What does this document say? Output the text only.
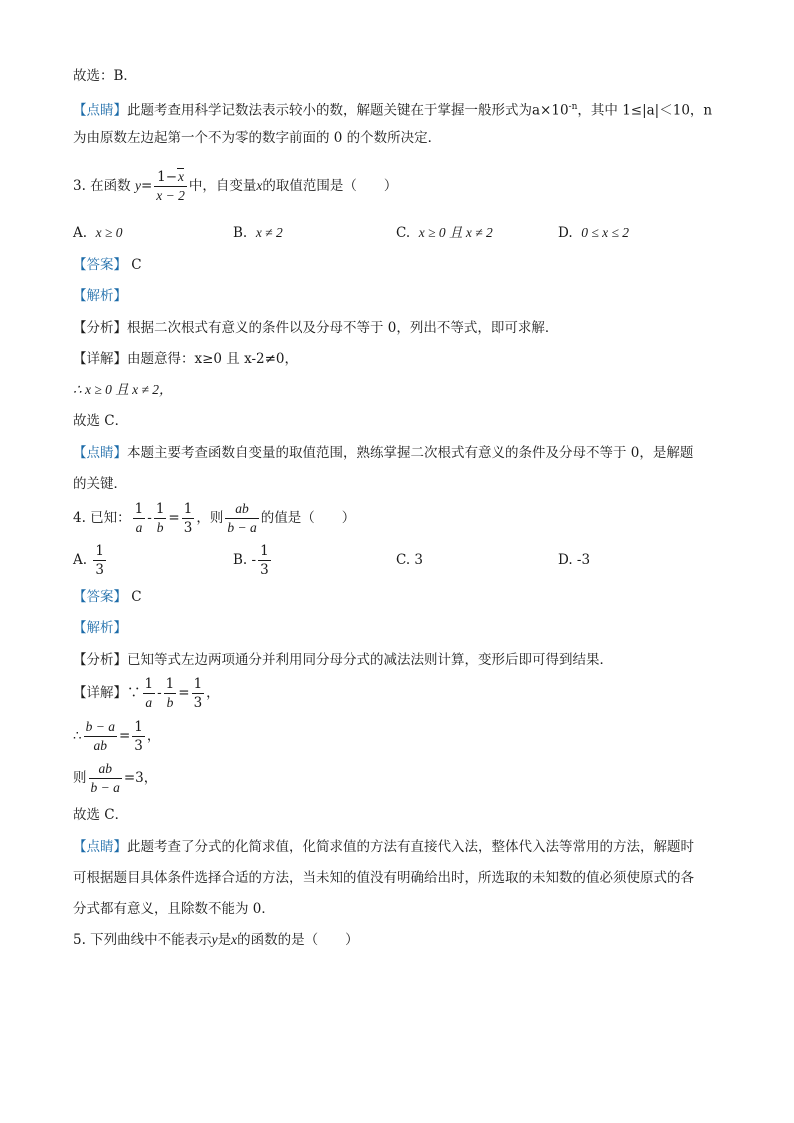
故选：B．
【点睛】此题考查用科学记数法表示较小的数，解题关键在于掌握一般形式为$a\times 10^{-n}$，其中 1≤|a|＜10，n
为由原数左边起第一个不为零的数字前面的 0 的个数所决定．
3. 在函数 $y= \frac{1-x}{x - 2}$ 中，自变量x的取值范围是（　　）
A. x ≥ 0	B. x ≠ 2	C. x ≥ 0 且 x ≠ 2	D. 0 ≤ x ≤ 2
【答案】 C
【解析】
【分析】根据二次根式有意义的条件以及分母不等于 0，列出不等式，即可求解．
【详解】由题意得：x≥0 且 x-2≠0，
∴ x ≥ 0 且 x ≠ 2，
故选 C．
【点睛】本题主要考查函数自变量的取值范围，熟练掌握二次根式有意义的条件及分母不等于 0，是解题
的关键．
4. 已知： $\frac{1}{a} - \frac{1}{b} = \frac{1}{3}$ ，则 $\frac{ab}{b - a}$ 的值是（　　）
A. $\frac{1}{3}$	B. - $\frac{1}{3}$	C. 3	D. -3
【答案】 C
【解析】
【分析】已知等式左边两项通分并利用同分母分式的减法法则计算，变形后即可得到结果．
【详解】∵ $\frac{1}{a} - \frac{1}{b} = \frac{1}{3}$ ，
∴ $\frac{b - a}{ab} = \frac{1}{3}$ ，
则 $\frac{ab}{b - a} =3$，
故选 C．
【点睛】此题考查了分式的化简求值，化简求值的方法有直接代入法，整体代入法等常用的方法，解题时
可根据题目具体条件选择合适的方法，当未知的值没有明确给出时，所选取的未知数的值必须使原式的各
分式都有意义，且除数不能为 0．
5. 下列曲线中不能表示y是x的函数的是（　　）
